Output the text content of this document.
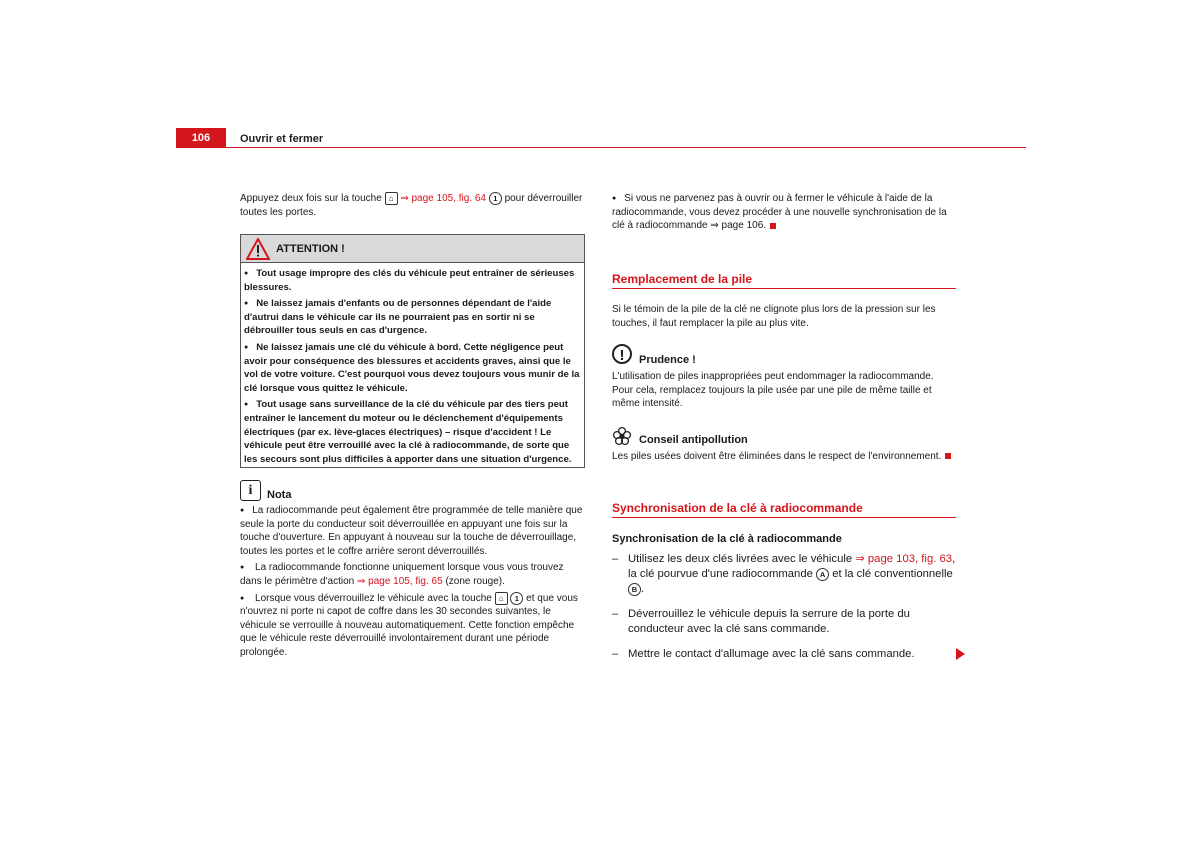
106	Ouvrir et fermer

Appuyez deux fois sur la touche ⌂ ⇒ page 105, fig. 64 1 pour déverrouiller toutes les portes.

ATTENTION !

● Tout usage impropre des clés du véhicule peut entraîner de sérieuses blessures.

● Ne laissez jamais d'enfants ou de personnes dépendant de l'aide d'autrui dans le véhicule car ils ne pourraient pas en sortir ni se débrouiller tous seuls en cas d'urgence.

● Ne laissez jamais une clé du véhicule à bord. Cette négligence peut avoir pour conséquence des blessures et accidents graves, ainsi que le vol de votre voiture. C'est pourquoi vous devez toujours vous munir de la clé lorsque vous quittez le véhicule.

● Tout usage sans surveillance de la clé du véhicule par des tiers peut entraîner le lancement du moteur ou le déclenchement d'équipements électriques (par ex. lève-glaces électriques) – risque d'accident ! Le véhicule peut être verrouillé avec la clé à radiocommande, de sorte que les secours sont plus difficiles à apporter dans une situation d'urgence.

i	Nota

● La radiocommande peut également être programmée de telle manière que seule la porte du conducteur soit déverrouillée en appuyant une fois sur la touche d'ouverture. En appuyant à nouveau sur la touche de déverrouillage, toutes les portes et le coffre arrière seront déverrouillés.

● La radiocommande fonctionne uniquement lorsque vous vous trouvez dans le périmètre d'action ⇒ page 105, fig. 65 (zone rouge).

● Lorsque vous déverrouillez le véhicule avec la touche ⌂ 1 et que vous n'ouvrez ni porte ni capot de coffre dans les 30 secondes suivantes, le véhicule se verrouille à nouveau automatiquement. Cette fonction empêche que le véhicule reste déverrouillé involontairement durant une période prolongée.

● Si vous ne parvenez pas à ouvrir ou à fermer le véhicule à l'aide de la radiocommande, vous devez procéder à une nouvelle synchronisation de la clé à radiocommande ⇒ page 106.

Remplacement de la pile
Si le témoin de la pile de la clé ne clignote plus lors de la pression sur les touches, il faut remplacer la pile au plus vite.
!	Prudence !
L'utilisation de piles inappropriées peut endommager la radiocommande. Pour cela, remplacez toujours la pile usée par une pile de même taille et même intensité.
Conseil antipollution
Les piles usées doivent être éliminées dans le respect de l'environnement.
Synchronisation de la clé à radiocommande
Synchronisation de la clé à radiocommande
– Utilisez les deux clés livrées avec le véhicule ⇒ page 103, fig. 63, la clé pourvue d'une radiocommande A et la clé conventionnelle B .
– Déverrouillez le véhicule depuis la serrure de la porte du conducteur avec la clé sans commande.
– Mettre le contact d'allumage avec la clé sans commande.
